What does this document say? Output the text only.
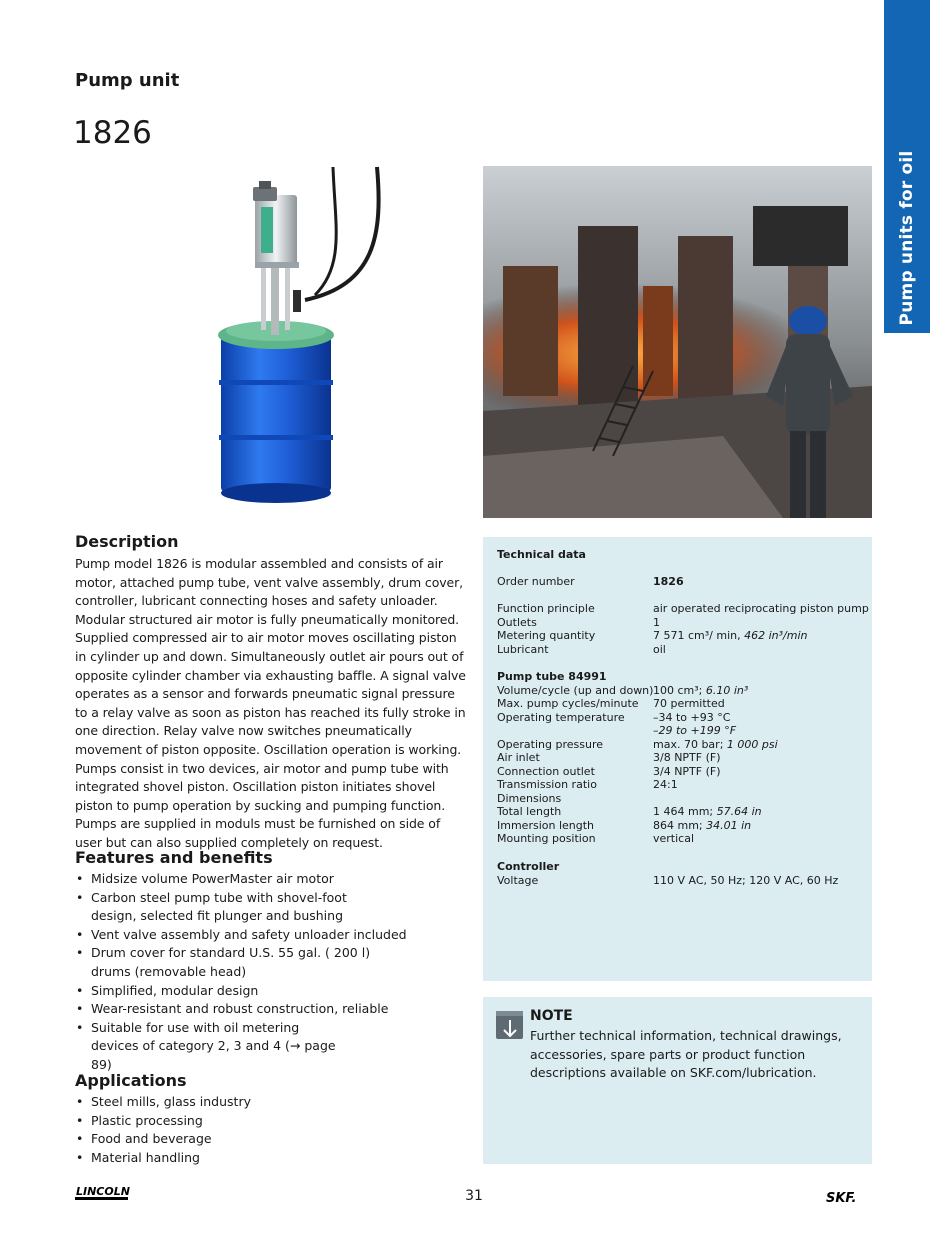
Pump units for oil
Pump unit
1826
Description

Pump model 1826 is modular assembled and consists of air motor, attached pump tube, vent valve assembly, drum cover, controller, lubricant connecting hoses and safety unloader. Modular structured air motor is fully pneumatically monitored. Supplied compressed air to air motor moves oscillating piston in cylinder up and down. Simultaneously outlet air pours out of opposite cylinder chamber via exhausting baffle. A signal valve operates as a sensor and forwards pneumatic signal pressure to a relay valve as soon as piston has reached its fully stroke in one direction. Relay valve now switches pneumatically movement of piston opposite. Oscillation operation is working. Pumps consist in two devices, air motor and pump tube with integrated shovel piston. Oscillation piston initiates shovel piston to pump operation by sucking and pumping function. Pumps are supplied in moduls must be furnished on side of user but can also supplied completely on request.

Features and benefits
• Midsize volume PowerMaster air motor
• Carbon steel pump tube with shovel-foot design, selected fit plunger and bushing
• Vent valve assembly and safety unloader included
• Drum cover for standard U.S. 55 gal. ( 200 l) drums (removable head)
• Simplified, modular design
• Wear-resistant and robust construction, reliable
• Suitable for use with oil metering devices of category 2, 3 and 4 (→ page 89)
Applications
• Steel mills, glass industry
• Plastic processing
• Food and beverage
• Material handling
Technical data
Order number	1826
Function principle	air operated reciprocating piston pump
Outlets	1
Metering quantity	7 571 cm³/ min, 462 in³/min
Lubricant	oil
Pump tube 84991
Volume/cycle (up and down) 100 cm³; 6.10 in³
Max. pump cycles/minute 70 permitted
Operating temperature	–34 to +93 °C
–29 to +199 °F
Operating pressure	max. 70 bar; 1 000 psi
Air inlet	3/8 NPTF (F)
Connection outlet	3/4 NPTF (F)
Transmission ratio	24:1
Dimensions
Total length	1 464 mm; 57.64 in
Immersion length	864 mm; 34.01 in
Mounting position	vertical
Controller
Voltage	110 V AC, 50 Hz; 120 V AC, 60 Hz
NOTE

Further technical information, technical drawings, accessories, spare parts or product function descriptions available on SKF.com/lubrication.

LINCOLN	31	SKF.
